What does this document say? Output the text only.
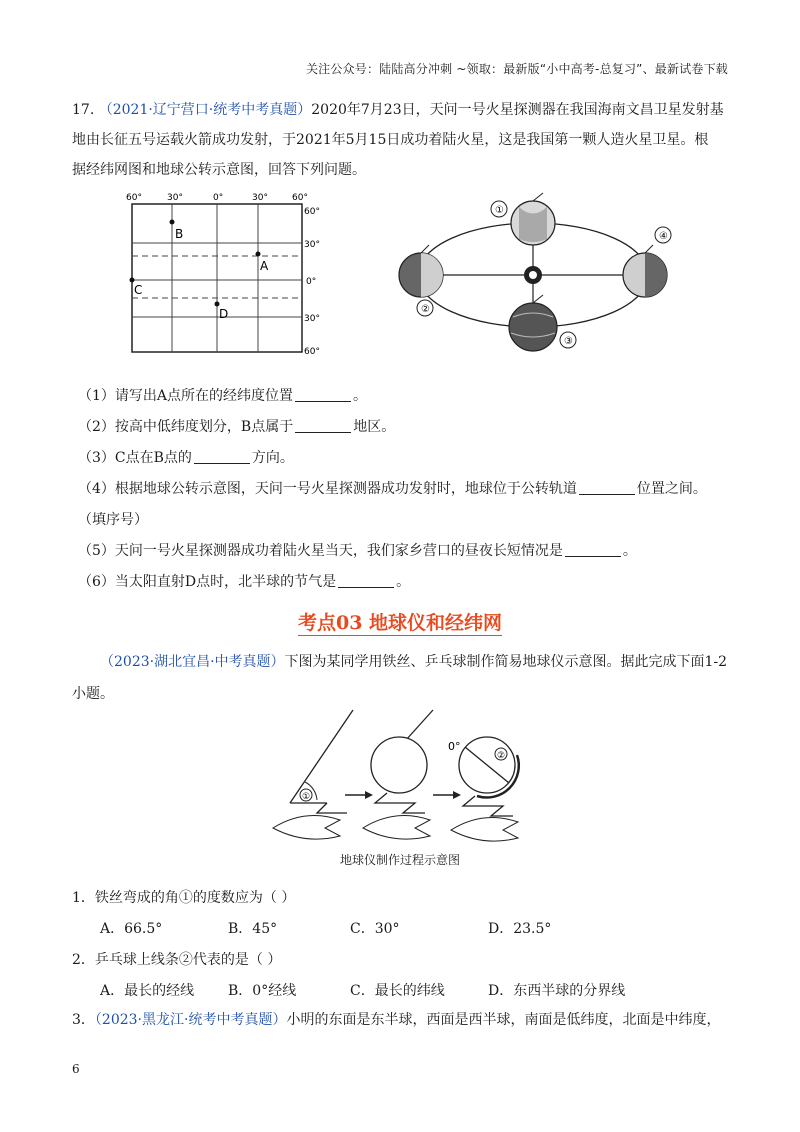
关注公众号：陆陆高分冲刺 ~领取：最新版“小中高考-总复习”、最新试卷下载
17. （2021·辽宁营口·统考中考真题）2020年7月23日，天问一号火星探测器在我国海南文昌卫星发射基
地由长征五号运载火箭成功发射，于2021年5月15日成功着陆火星，这是我国第一颗人造火星卫星。根
据经纬网图和地球公转示意图，回答下列问题。
60°	30°	0°	30°	60°
60°
30°
0°
30°
60°
A
B
C
D
①
②
③
④
（1）请写出A点所在的经纬度位置	。
（2）按高中低纬度划分，B点属于	地区。
（3）C点在B点的	方向。
（4）根据地球公转示意图，天问一号火星探测器成功发射时，地球位于公转轨道	位置之间。
（填序号）
（5）天问一号火星探测器成功着陆火星当天，我们家乡营口的昼夜长短情况是	。
（6）当太阳直射D点时，北半球的节气是	。
考点03 地球仪和经纬网
（2023·湖北宜昌·中考真题）下图为某同学用铁丝、乒乓球制作简易地球仪示意图。据此完成下面1-2
小题。
①
0°
②
地球仪制作过程示意图
1．铁丝弯成的角①的度数应为（ ）
A．66.5°	B．45°	C．30°	D．23.5°
2．乒乓球上线条②代表的是（ ）
A．最长的经线 B．0°经线	C．最长的纬线	D．东西半球的分界线
3．（2023·黑龙江·统考中考真题）小明的东面是东半球，西面是西半球，南面是低纬度，北面是中纬度，
6
